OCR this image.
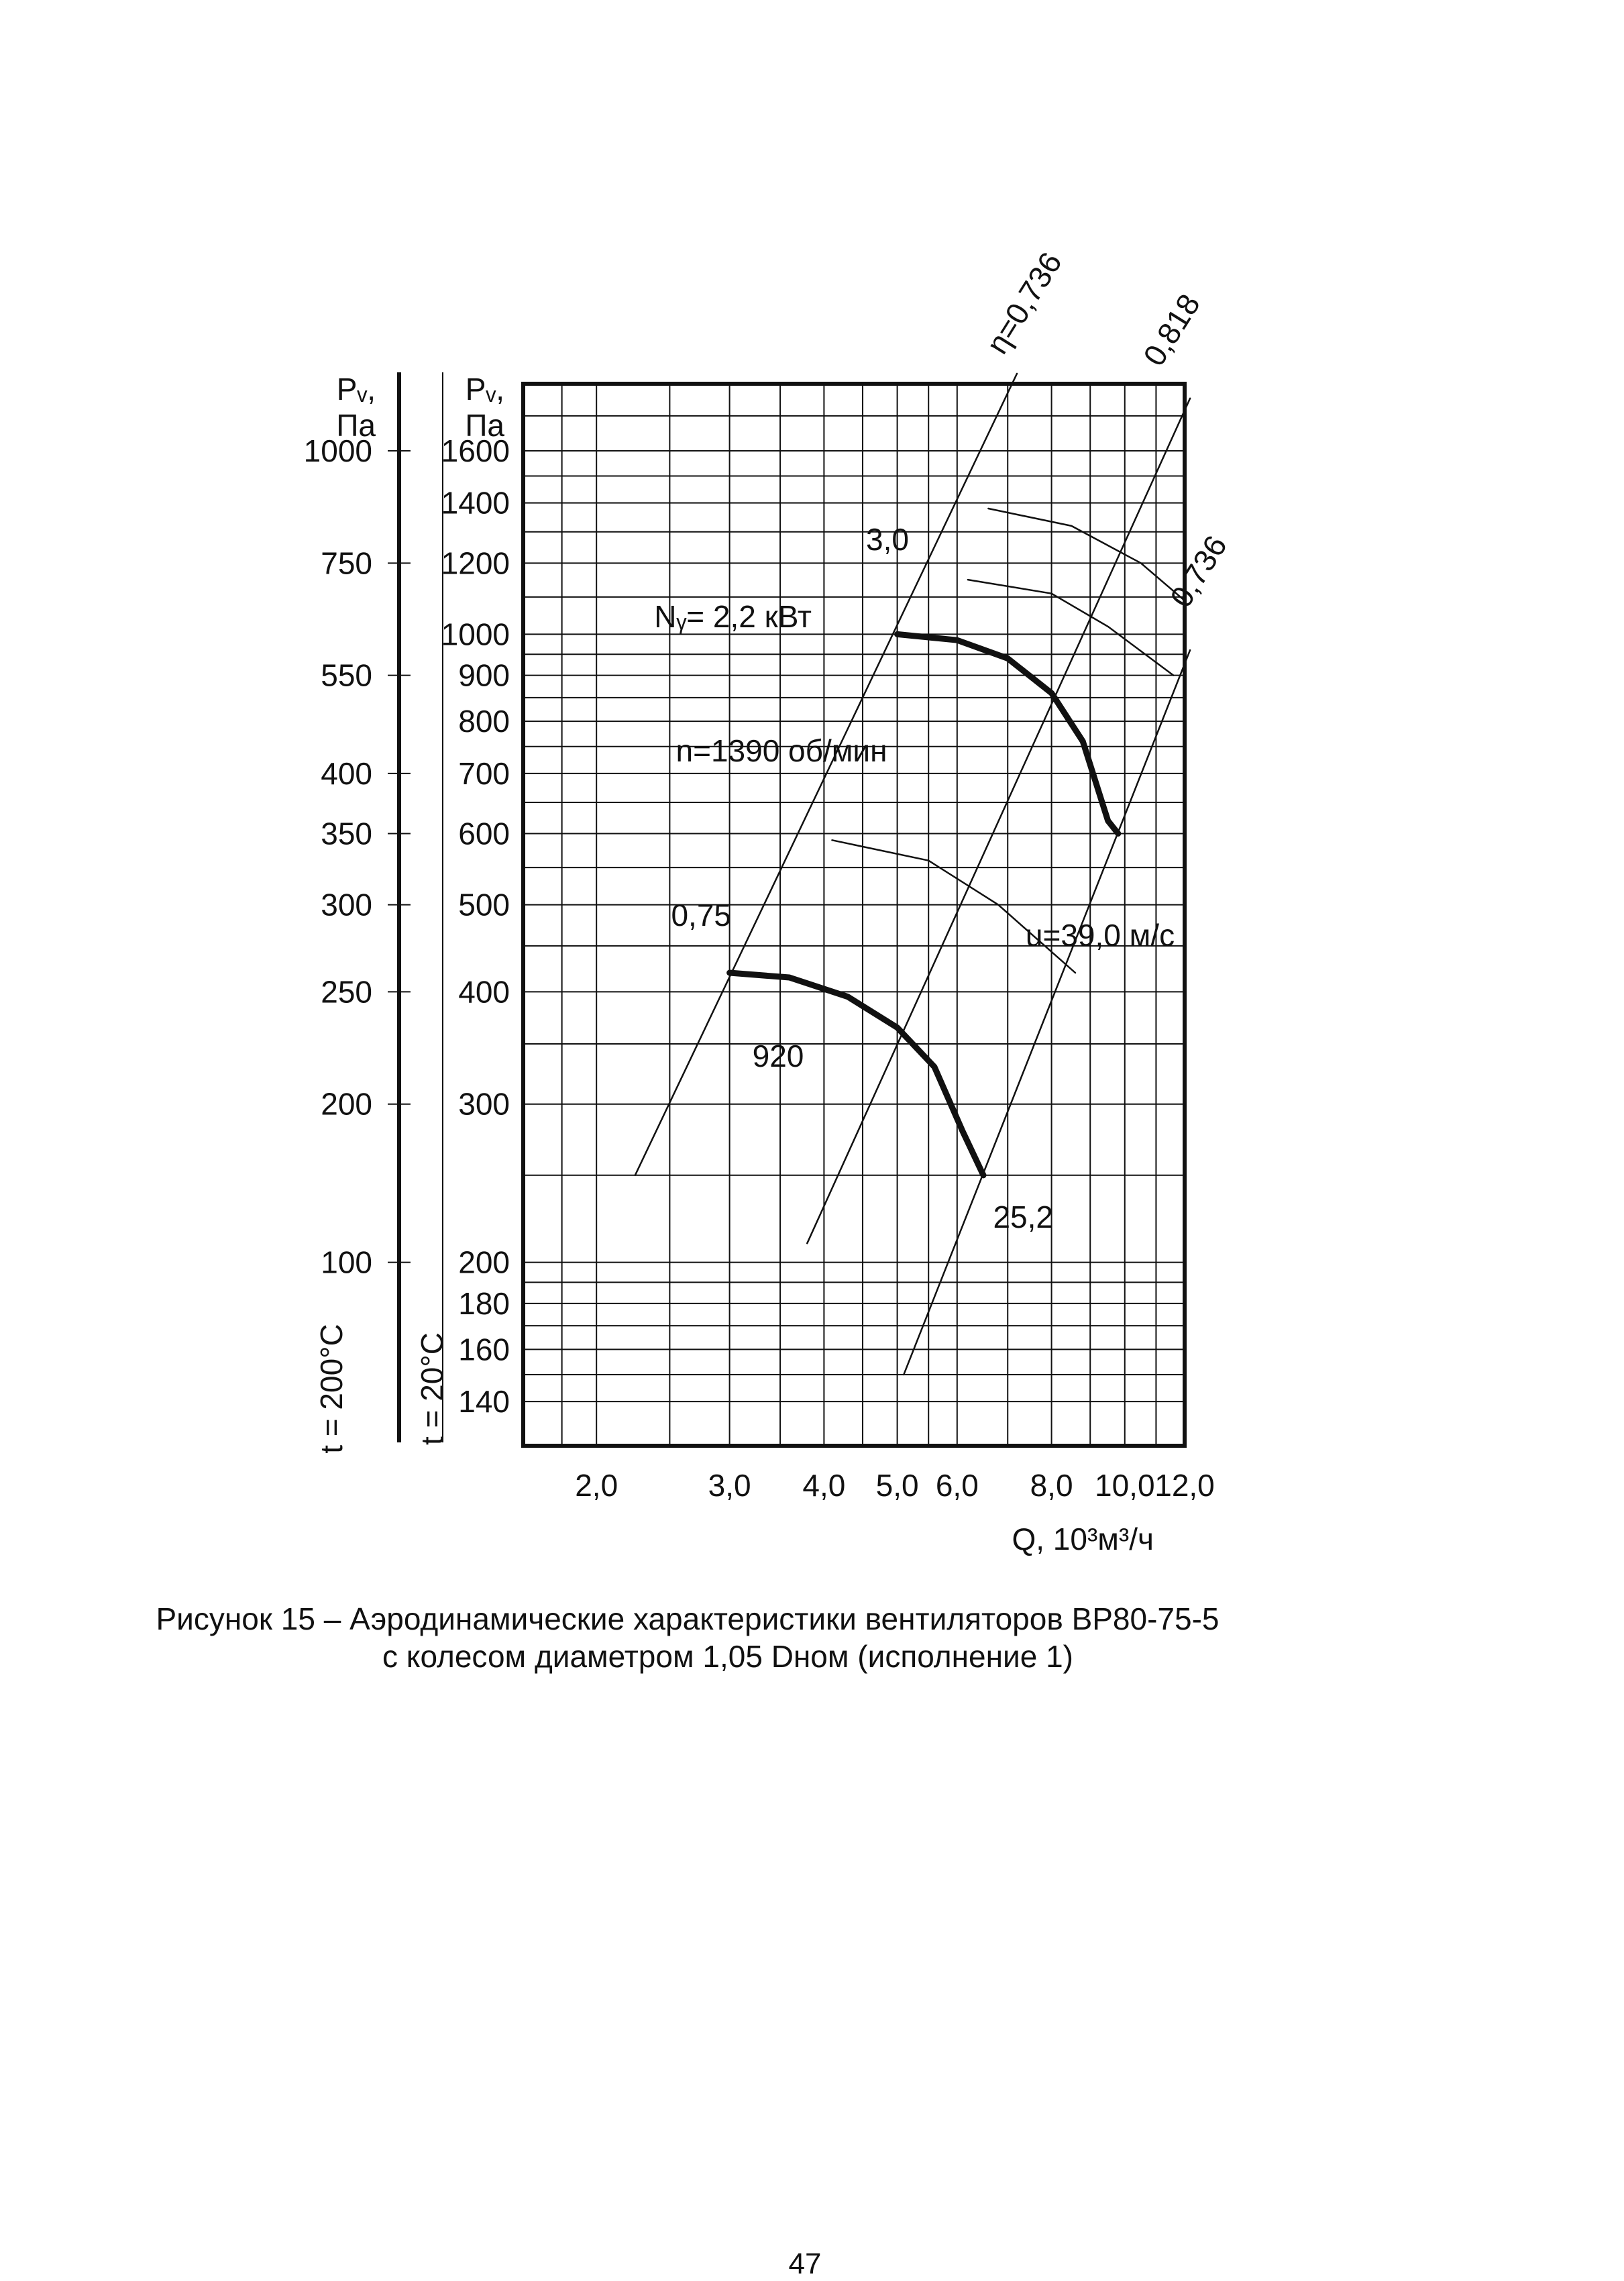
2,0	3,0 4,0 5,0 6,0 8,0 10,0 12,0
Q, 10³м³/ч
140
160
180
200
300
400
500
600
700
800
900
1000
1200
1400
1600
100
200
250
300
350
400
550
750
1000
Pᵥ,
Па
Pᵥ,
Па
t = 200°C t = 20°C
η=0,736 0,818
0,736
3,0
Nᵧ= 2,2 кВт
0,75
25,2
n=1390 об/мин
920
u=39,0 м/с
Рисунок 15 – Аэродинамические характеристики вентиляторов ВР80-75-5
с колесом диаметром 1,05 Dном (исполнение 1)
47
